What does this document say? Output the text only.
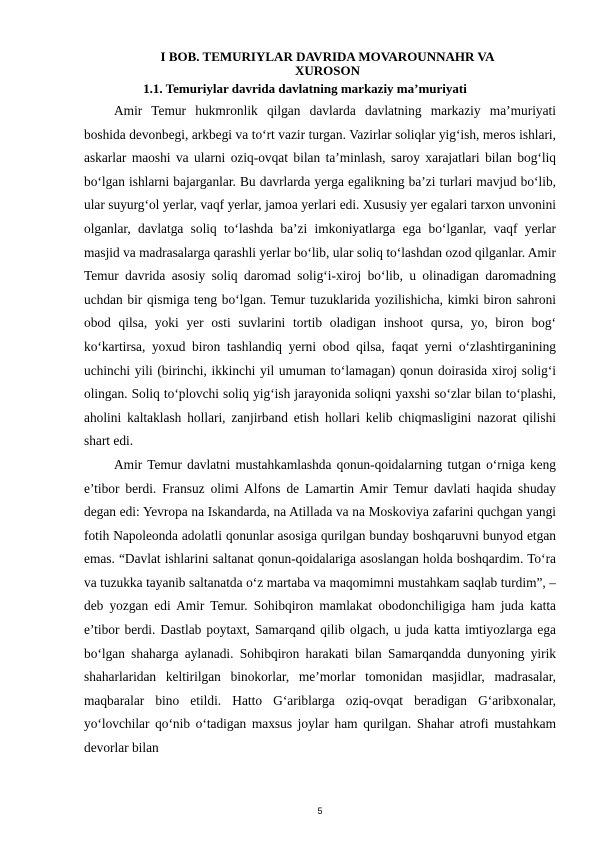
I BOB. TEMURIYLAR DAVRIDA MOVAROUNNAHR VA XUROSON
1.1. Temuriylar davrida davlatning markaziy ma’muriyati

Amir Temur hukmronlik qilgan davlarda davlatning markaziy ma’muriyati boshida devonbegi, arkbegi va to‘rt vazir turgan. Vazirlar soliqlar yig‘ish, meros ishlari, askarlar maoshi va ularni oziq-ovqat bilan ta’minlash, saroy xarajatlari bilan bog‘liq bo‘lgan ishlarni bajarganlar. Bu davrlarda yerga egalikning ba’zi turlari mavjud bo‘lib, ular suyurg‘ol yerlar, vaqf yerlar, jamoa yerlari edi. Xususiy yer egalari tarxon unvonini olganlar, davlatga soliq to‘lashda ba’zi imkoniyatlarga ega bo‘lganlar, vaqf yerlar masjid va madrasalarga qarashli yerlar bo‘lib, ular soliq to‘lashdan ozod qilganlar. Amir Temur davrida asosiy soliq daromad solig‘i-xiroj bo‘lib, u olinadigan daromadning uchdan bir qismiga teng bo‘lgan. Temur tuzuklarida yozilishicha, kimki biron sahroni obod qilsa, yoki yer osti suvlarini tortib oladigan inshoot qursa, yo, biron bog‘ ko‘kartirsa, yoxud biron tashlandiq yerni obod qilsa, faqat yerni o‘zlashtirganining uchinchi yili (birinchi, ikkinchi yil umuman to‘lamagan) qonun doirasida xiroj solig‘i olingan. Soliq to‘plovchi soliq yig‘ish jarayonida soliqni yaxshi so‘zlar bilan to‘plashi, aholini kaltaklash hollari, zanjirband etish hollari kelib chiqmasligini nazorat qilishi shart edi.

Amir Temur davlatni mustahkamlashda qonun-qoidalarning tutgan o‘rniga keng e’tibor berdi. Fransuz olimi Alfons de Lamartin Amir Temur davlati haqida shuday degan edi: Yevropa na Iskandarda, na Atillada va na Moskoviya zafarini quchgan yangi fotih Napoleonda adolatli qonunlar asosiga qurilgan bunday boshqaruvni bunyod etgan emas. “Davlat ishlarini saltanat qonun-qoidalariga asoslangan holda boshqardim. To‘ra va tuzukka tayanib saltanatda o‘z martaba va maqomimni mustahkam saqlab turdim”, – deb yozgan edi Amir Temur. Sohibqiron mamlakat obodonchiligiga ham juda katta e’tibor berdi. Dastlab poytaxt, Samarqand qilib olgach, u juda katta imtiyozlarga ega bo‘lgan shaharga aylanadi. Sohibqiron harakati bilan Samarqandda dunyoning yirik shaharlaridan keltirilgan binokorlar, me’morlar tomonidan masjidlar, madrasalar, maqbaralar bino etildi. Hatto G‘ariblarga oziq-ovqat beradigan G‘aribxonalar, yo‘lovchilar qo‘nib o‘tadigan maxsus joylar ham qurilgan. Shahar atrofi mustahkam devorlar bilan

5
